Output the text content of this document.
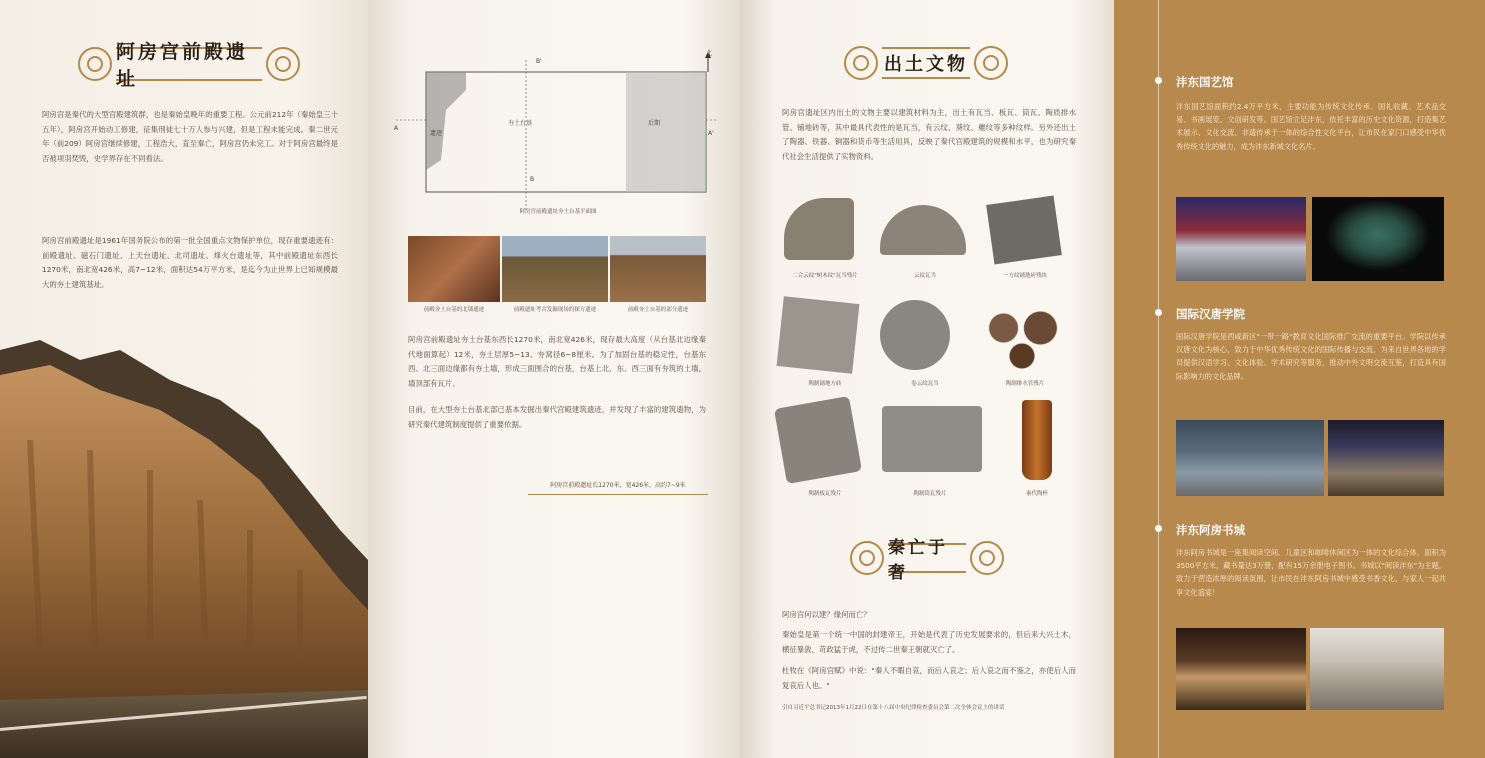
阿房宫前殿遗址
阿房宫是秦代的大型宫殿建筑群，也是秦始皇晚年的重要工程。公元前212年（秦始皇三十五年），阿房宫开始动工修建，征集刑徒七十万人参与兴建，但是工程未能完成。秦二世元年（前209）阿房宫继续修建，工程浩大，直至秦亡，阿房宫仍未完工。对于阿房宫最终是否被项羽焚毁，史学界存在不同看法。
阿房宫前殿遗址是1961年国务院公布的第一批全国重点文物保护单位，现存重要遗迹有：前殿遗址、磁石门遗址、上天台遗址、北司遗址、烽火台遗址等，其中前殿遗址东西长1270米，南北宽426米，高7~12米，面积达54万平方米，是迄今为止世界上已知规模最大的夯土建筑基址。
B'
B
A
A'
北
夯土台基
遗迹
后期
阿房宫前殿遗址夯土台基平面图
前殿夯土台基的北墙遗迹	前殿遗址考古发掘现场的探方遗迹	前殿夯土台基的部分遗迹
阿房宫前殿遗址夯土台基东西长1270米，南北宽426米，现存最大高度（从台基北边缘秦代地面算起）12米，夯土层厚5~13、夯窝径6~8厘米。为了加固台基的稳定性，台基东西、北三面边缘都有夯土墙，形成三面围合的台基，台基上北、东、西三面有夯筑的土墙，墙顶部有瓦片。
目前，在大型夯土台基北部已基本发掘出秦代宫殿建筑遗迹，并发现了丰富的建筑遗物，为研究秦代建筑制度提供了重要依据。
阿房宫前殿遗址长1270米，宽426米，高约7~9米
出土文物
阿房宫遗址区内出土的文物主要以建筑材料为主，出土有瓦当、板瓦、筒瓦、陶质排水管、铺地砖等，其中最具代表性的是瓦当，有云纹、葵纹、夔纹等多种纹样。另外还出土了陶器、铁器、铜器和货币等生活用具，反映了秦代宫殿建筑的规模和水平，也为研究秦代社会生活提供了实物资料。
二合云纹"树木纹"瓦当残片	云纹瓦当	一方纹铺地砖残块
陶制铺地方砖	卷云纹瓦当	陶制排水管残片
陶制板瓦残片	陶制筒瓦残片	秦代陶杯
秦亡于奢
阿房宫何以建？缘何而亡？
秦始皇是第一个统一中国的封建帝王，开始是代表了历史发展要求的，但后来大兴土木，横征暴敛，苛政猛于虎，不过传二世秦王朝就灭亡了。
杜牧在《阿房宫赋》中说："秦人不暇自哀，而后人哀之；后人哀之而不鉴之，亦使后人而复哀后人也。"
引自习近平总书记2013年1月22日在第十八届中央纪律检查委员会第二次全体会议上的讲话
沣东国艺馆
沣东国艺馆面积约2.4万平方米，主要功能为传统文化传承、国礼收藏、艺术品交易、书画展览、文创研发等。国艺馆立足沣东，依托丰富的历史文化资源，打造集艺术展示、文化交流、非遗传承于一体的综合性文化平台，让市民在家门口感受中华优秀传统文化的魅力，成为沣东新城文化名片。
国际汉唐学院
国际汉唐学院是西咸新区"一带一路"教育文化国际推广交流的重要平台。学院以传承汉唐文化为核心，致力于中华优秀传统文化的国际传播与交流，为来自世界各地的学员提供汉语学习、文化体验、学术研究等服务，推动中外文明交流互鉴，打造具有国际影响力的文化品牌。
沣东阿房书城
沣东阿房书城是一座集阅读空间、儿童区和咖啡休闲区为一体的文化综合体，面积为3500平方米，藏书量达3万册，配有15万余册电子图书。书城以"阅读沣东"为主题，致力于营造浓厚的阅读氛围，让市民在沣东阿房书城中感受书香文化，与家人一起共享文化盛宴！
